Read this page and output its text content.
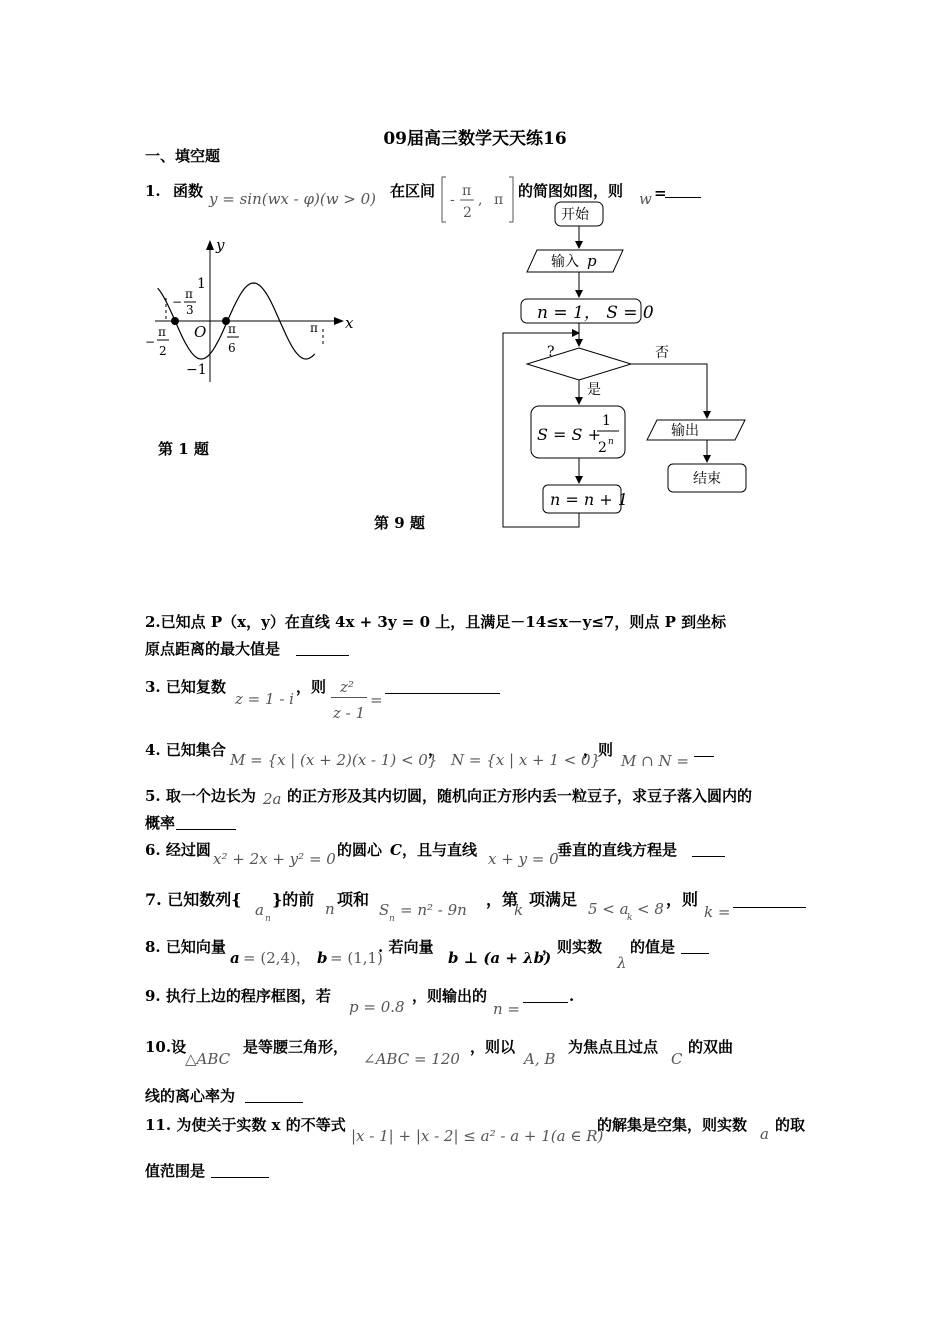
09届高三数学天天练16
一、填空题
1. 函数 y = sin(wx - φ)(w > 0) 在区间 -
π
2
, π 的简图如图，则 w =
y
x
1
−1
O
−
π
3
−
π
2
π
6
π
第 1 题
开始
输入 p
n = 1， S = 0
?	否
是
S = S +
1
2 n
n = n + 1
输出
结束
第 9 题
2.已知点 P（x，y）在直线 4x + 3y = 0 上，且满足－14≤x－y≤7，则点 P 到坐标
原点距离的最大值是
3. 已知复数
z = 1 - i
，则 z²
z - 1
=
4. 已知集合
M = {x | (x + 2)(x - 1) < 0}
，
N = {x | x + 1 < 0}
，则
M ∩ N =
5. 取一个边长为 2a 的正方形及其内切圆，随机向正方形内丢一粒豆子，求豆子落入圆内的
概率
6. 经过圆 x² + 2x + y² = 0 的圆心 C ，且与直线 x + y = 0
垂直的直线方程是
7. 已知数列{
a n
}的前 n 项和
S n = n² - 9n
，第
k
项满足 5 < a
k < 8 ，则
k =
8. 已知向量
a = (2,4)， b = (1,1)
. 若向量
b ⊥ (a + λb)
，则实数
λ
的值是
9. 执行上边的程序框图，若
p = 0.8
，则输出的
n =
.
10.设
△ABC
是等腰三角形，
∠ABC = 120
，则以
A, B
为焦点且过点
C
的双曲
线的离心率为
11. 为使关于实数 x 的不等式
|x - 1| + |x - 2| ≤ a² - a + 1(a ∈ R)
的解集是空集，则实数 a 的取
值范围是
